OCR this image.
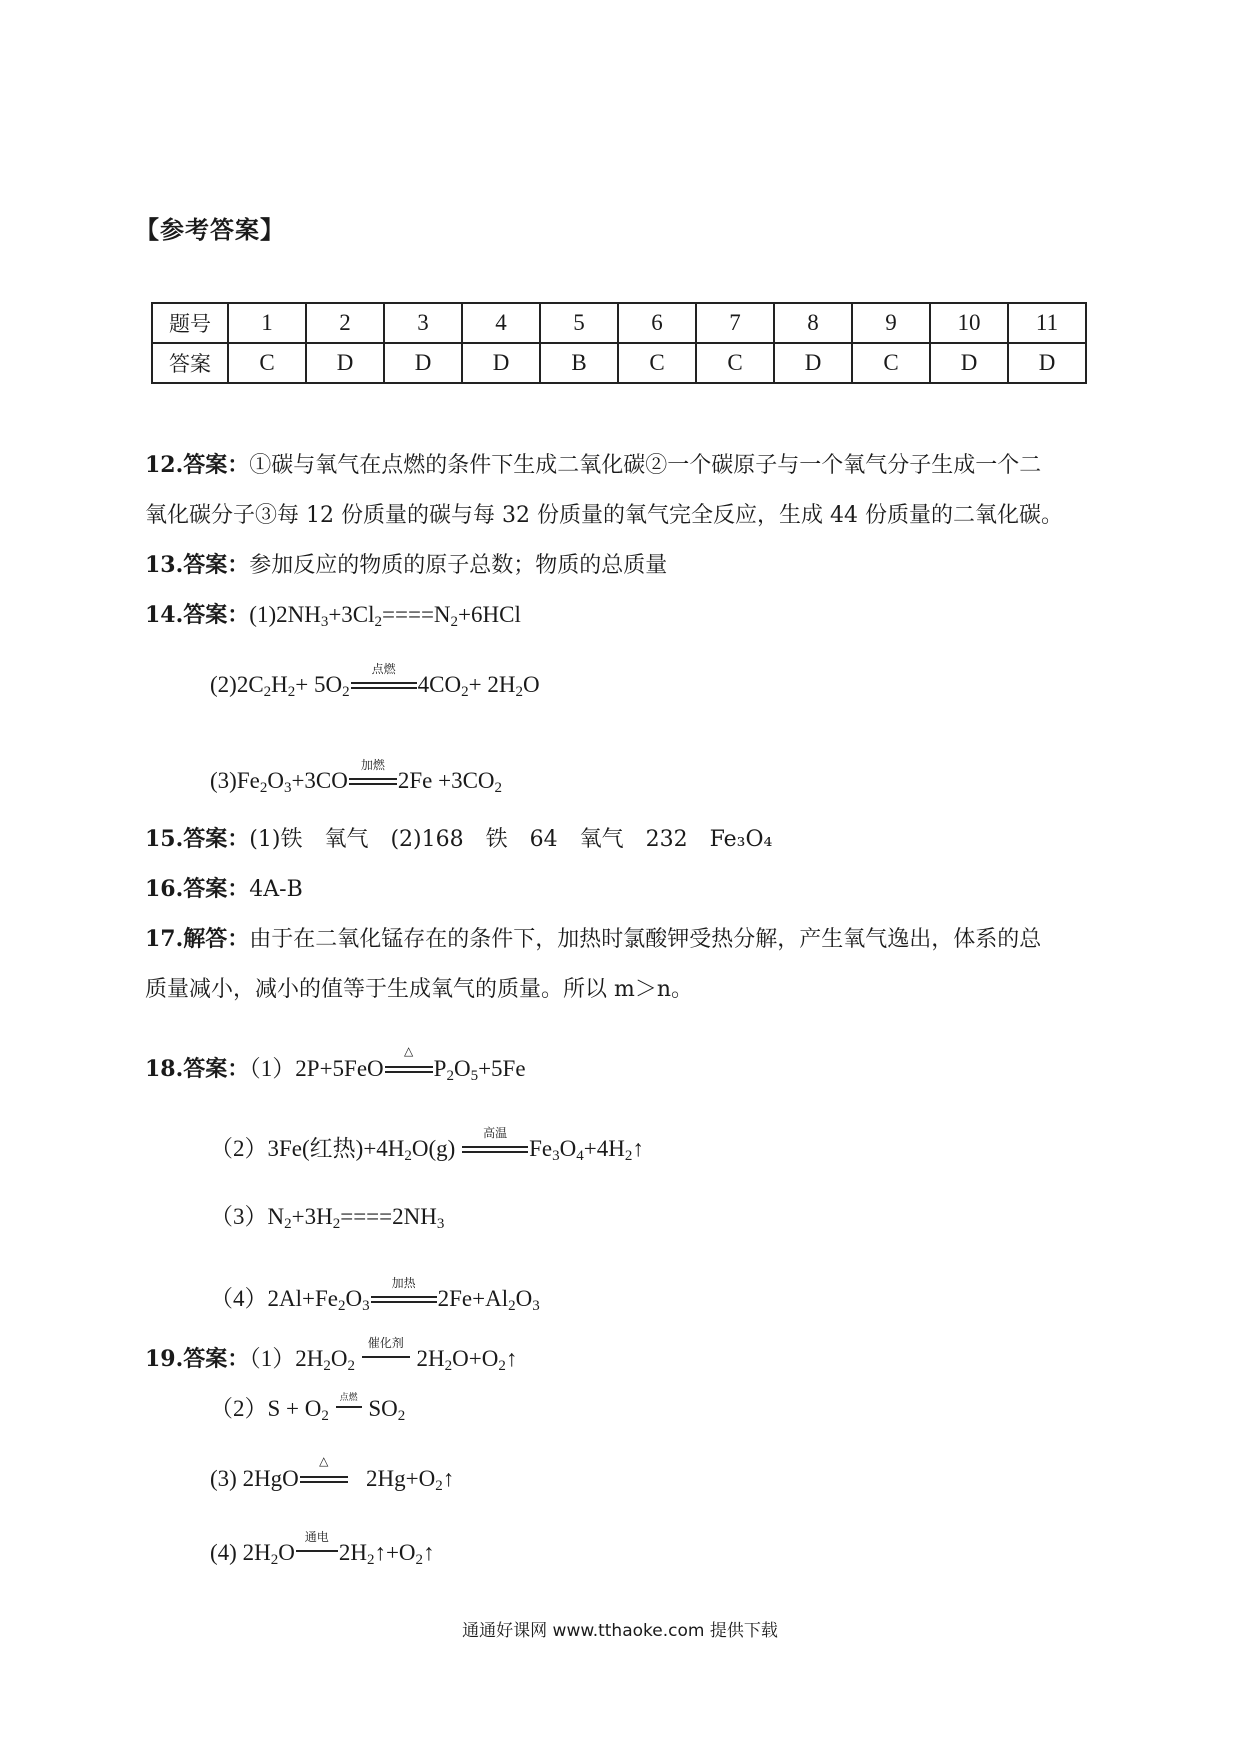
【参考答案】
题号	1	2	3	4	5	6	7	8	9	10	11
答案	C	D	D	D	B	C	C	D	C	D	D
12.答案：①碳与氧气在点燃的条件下生成二氧化碳②一个碳原子与一个氧气分子生成一个二
氧化碳分子③每 12 份质量的碳与每 32 份质量的氧气完全反应，生成 44 份质量的二氧化碳。
13.答案：参加反应的物质的原子总数；物质的总质量
14.答案：$(1)2NH_3+3Cl_2====N_2+6HCl$
$(2)2C_2H_2+ 5O_2$
点燃
$4CO_2+ 2H_2O$
$(3)Fe_2O_3+3CO$
加燃
$2Fe +3CO_2$
15.答案：(1)铁　氧气　(2)168　铁　64　氧气　232　Fe₃O₄
16.答案：4A-B
17.解答：由于在二氧化锰存在的条件下，加热时氯酸钾受热分解，产生氧气逸出，体系的总
质量减小，减小的值等于生成氧气的质量。所以 m＞n。
18.答案：（1）2P+5FeO
△
$P_2O_5+5Fe$
（2）3Fe(红热)$+4H_2O(g)$
高温
$Fe_3O_4+4H_2↑$
$(3)N_2+3H_2====2NH_3$
$(4)2Al+Fe_2O_3$
加热
$2Fe+Al_2O_3$
19.答案：$(1)2H_2O_2$
催化剂
$2H_2O+O_2↑$
$(2)S + O_2$
点燃 $SO_2$
(3) 2HgO
△
$2Hg+O_2↑$
(4) $2H_2O$
通电
$2H_2↑+O_2↑$
通通好课网 www.tthaoke.com 提供下载
